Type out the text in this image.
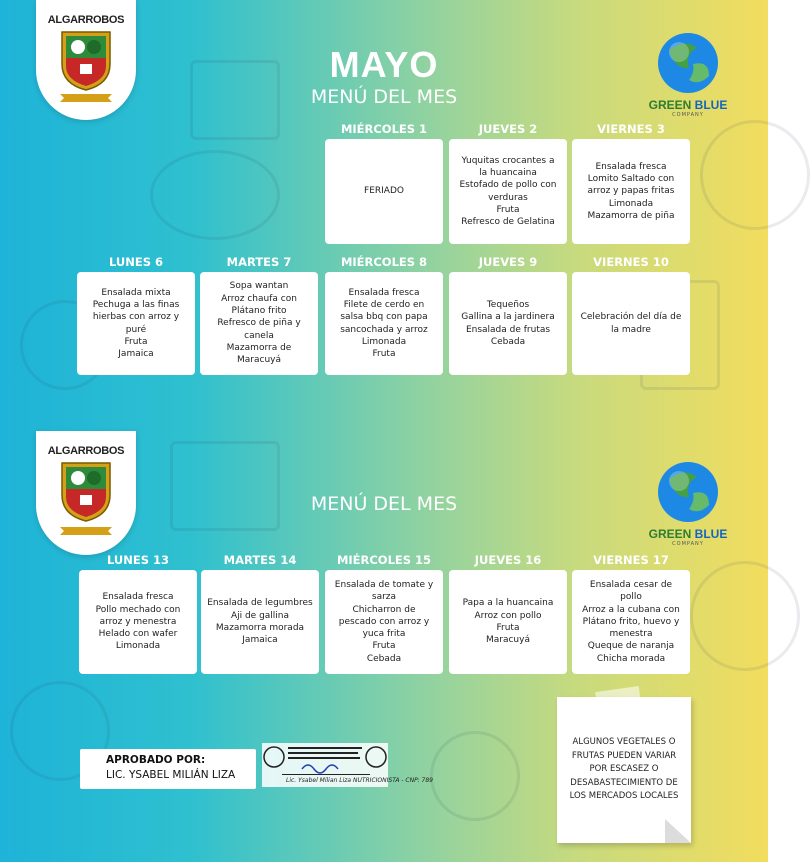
ALGARROBOS
MAYO
MENÚ DEL MES	GREEN BLUE
COMPANY
MIÉRCOLES 1
FERIADO
JUEVES 2
Yuquitas crocantes a
la huancaina
Estofado de pollo con
verduras
Fruta
Refresco de Gelatina
VIERNES 3
Ensalada fresca
Lomito Saltado con
arroz y papas fritas
Limonada
Mazamorra de piña
LUNES 6
Ensalada mixta
Pechuga a las finas
hierbas con arroz y
puré
Fruta
Jamaica
MARTES 7
Sopa wantan
Arroz chaufa con
Plátano frito
Refresco de piña y
canela
Mazamorra de
Maracuyá
MIÉRCOLES 8
Ensalada fresca
Filete de cerdo en
salsa bbq con papa
sancochada y arroz
Limonada
Fruta
JUEVES 9
Tequeños
Gallina a la jardinera
Ensalada de frutas
Cebada
VIERNES 10
Celebración del día de
la madre
ALGARROBOS
MENÚ DEL MES
GREEN BLUE
COMPANY
LUNES 13
Ensalada fresca
Pollo mechado con
arroz y menestra
Helado con wafer
Limonada
MARTES 14
Ensalada de legumbres
Aji de gallina
Mazamorra morada
Jamaica
MIÉRCOLES 15
Ensalada de tomate y
sarza
Chicharron de
pescado con arroz y
yuca frita
Fruta
Cebada
JUEVES 16
Papa a la huancaina
Arroz con pollo
Fruta
Maracuyá
VIERNES 17
Ensalada cesar de
pollo
Arroz a la cubana con
Plátano frito, huevo y
menestra
Queque de naranja
Chicha morada
APROBADO POR:
LIC. YSABEL MILIÁN LIZA	Lic. Ysabel Milian Liza NUTRICIONISTA - CNP: 789
ALGUNOS VEGETALES O FRUTAS PUEDEN VARIAR POR ESCASEZ O DESABASTECIMIENTO DE LOS MERCADOS LOCALES
